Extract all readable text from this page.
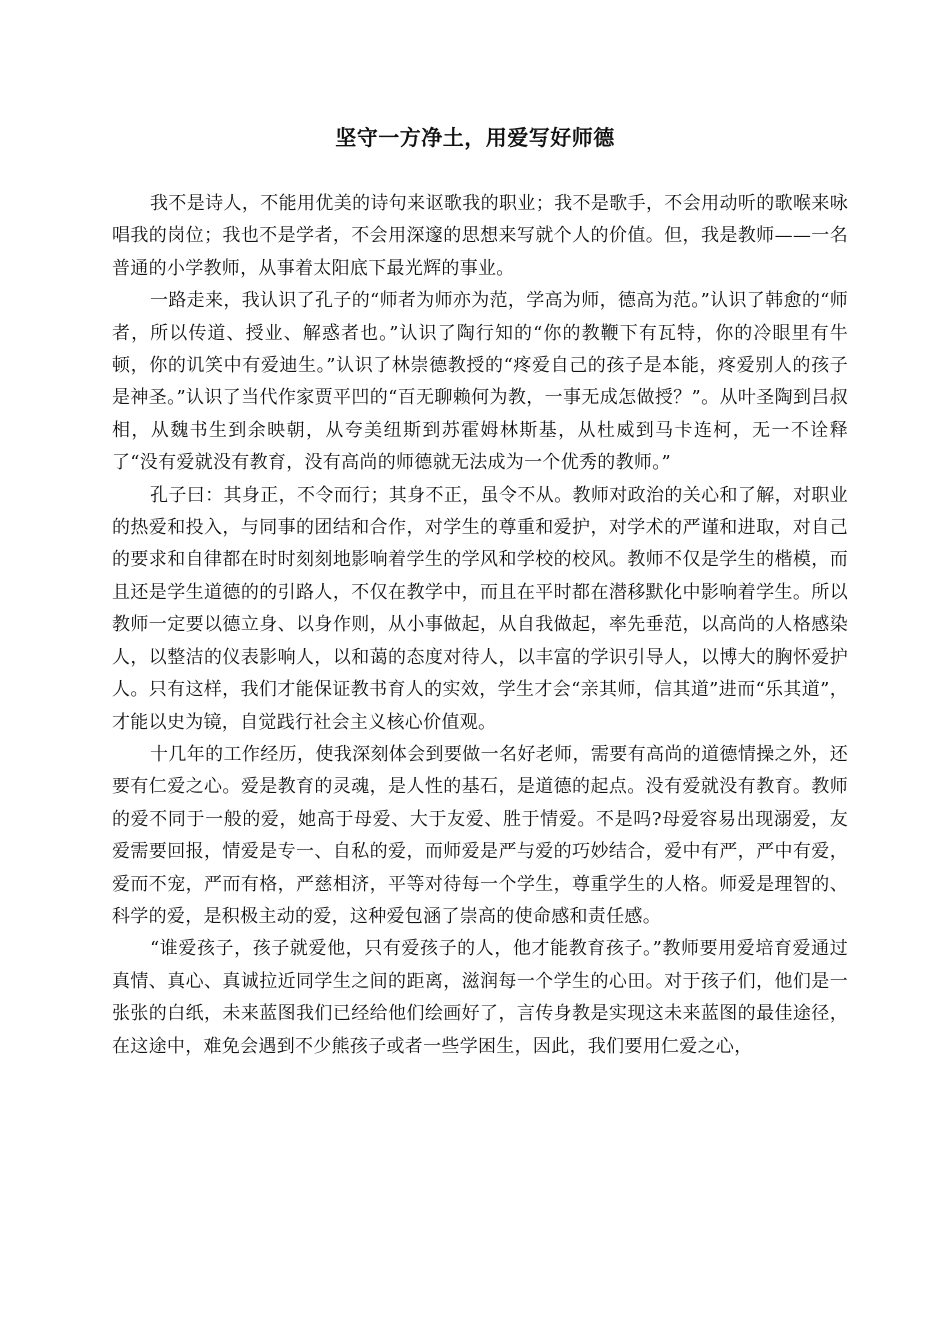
坚守一方净土，用爱写好师德

我不是诗人，不能用优美的诗句来讴歌我的职业；我不是歌手，不会用动听的歌喉来咏唱我的岗位；我也不是学者，不会用深邃的思想来写就个人的价值。但，我是教师——一名普通的小学教师，从事着太阳底下最光辉的事业。

一路走来，我认识了孔子的“师者为师亦为范，学高为师，德高为范。”认识了韩愈的“师者，所以传道、授业、解惑者也。”认识了陶行知的“你的教鞭下有瓦特，你的冷眼里有牛顿，你的讥笑中有爱迪生。”认识了林崇德教授的“疼爱自己的孩子是本能，疼爱别人的孩子是神圣。”认识了当代作家贾平凹的“百无聊赖何为教，一事无成怎做授？”。从叶圣陶到吕叔相，从魏书生到余映朝，从夸美纽斯到苏霍姆林斯基，从杜威到马卡连柯，无一不诠释了“没有爱就没有教育，没有高尚的师德就无法成为一个优秀的教师。”

孔子曰：其身正，不令而行；其身不正，虽令不从。教师对政治的关心和了解，对职业的热爱和投入，与同事的团结和合作，对学生的尊重和爱护，对学术的严谨和进取，对自己的要求和自律都在时时刻刻地影响着学生的学风和学校的校风。教师不仅是学生的楷模，而且还是学生道德的的引路人，不仅在教学中，而且在平时都在潜移默化中影响着学生。所以教师一定要以德立身、以身作则，从小事做起，从自我做起，率先垂范，以高尚的人格感染人，以整洁的仪表影响人，以和蔼的态度对待人，以丰富的学识引导人，以博大的胸怀爱护人。只有这样，我们才能保证教书育人的实效，学生才会“亲其师，信其道”进而“乐其道”，才能以史为镜，自觉践行社会主义核心价值观。

十几年的工作经历，使我深刻体会到要做一名好老师，需要有高尚的道德情操之外，还要有仁爱之心。爱是教育的灵魂，是人性的基石，是道德的起点。没有爱就没有教育。教师的爱不同于一般的爱，她高于母爱、大于友爱、胜于情爱。不是吗?母爱容易出现溺爱，友爱需要回报，情爱是专一、自私的爱，而师爱是严与爱的巧妙结合，爱中有严，严中有爱，爱而不宠，严而有格，严慈相济，平等对待每一个学生，尊重学生的人格。师爱是理智的、科学的爱，是积极主动的爱，这种爱包涵了崇高的使命感和责任感。

“谁爱孩子，孩子就爱他，只有爱孩子的人，他才能教育孩子。”教师要用爱培育爱通过真情、真心、真诚拉近同学生之间的距离，滋润每一个学生的心田。对于孩子们，他们是一张张的白纸，未来蓝图我们已经给他们绘画好了，言传身教是实现这未来蓝图的最佳途径，在这途中，难免会遇到不少熊孩子或者一些学困生，因此，我们要用仁爱之心，
